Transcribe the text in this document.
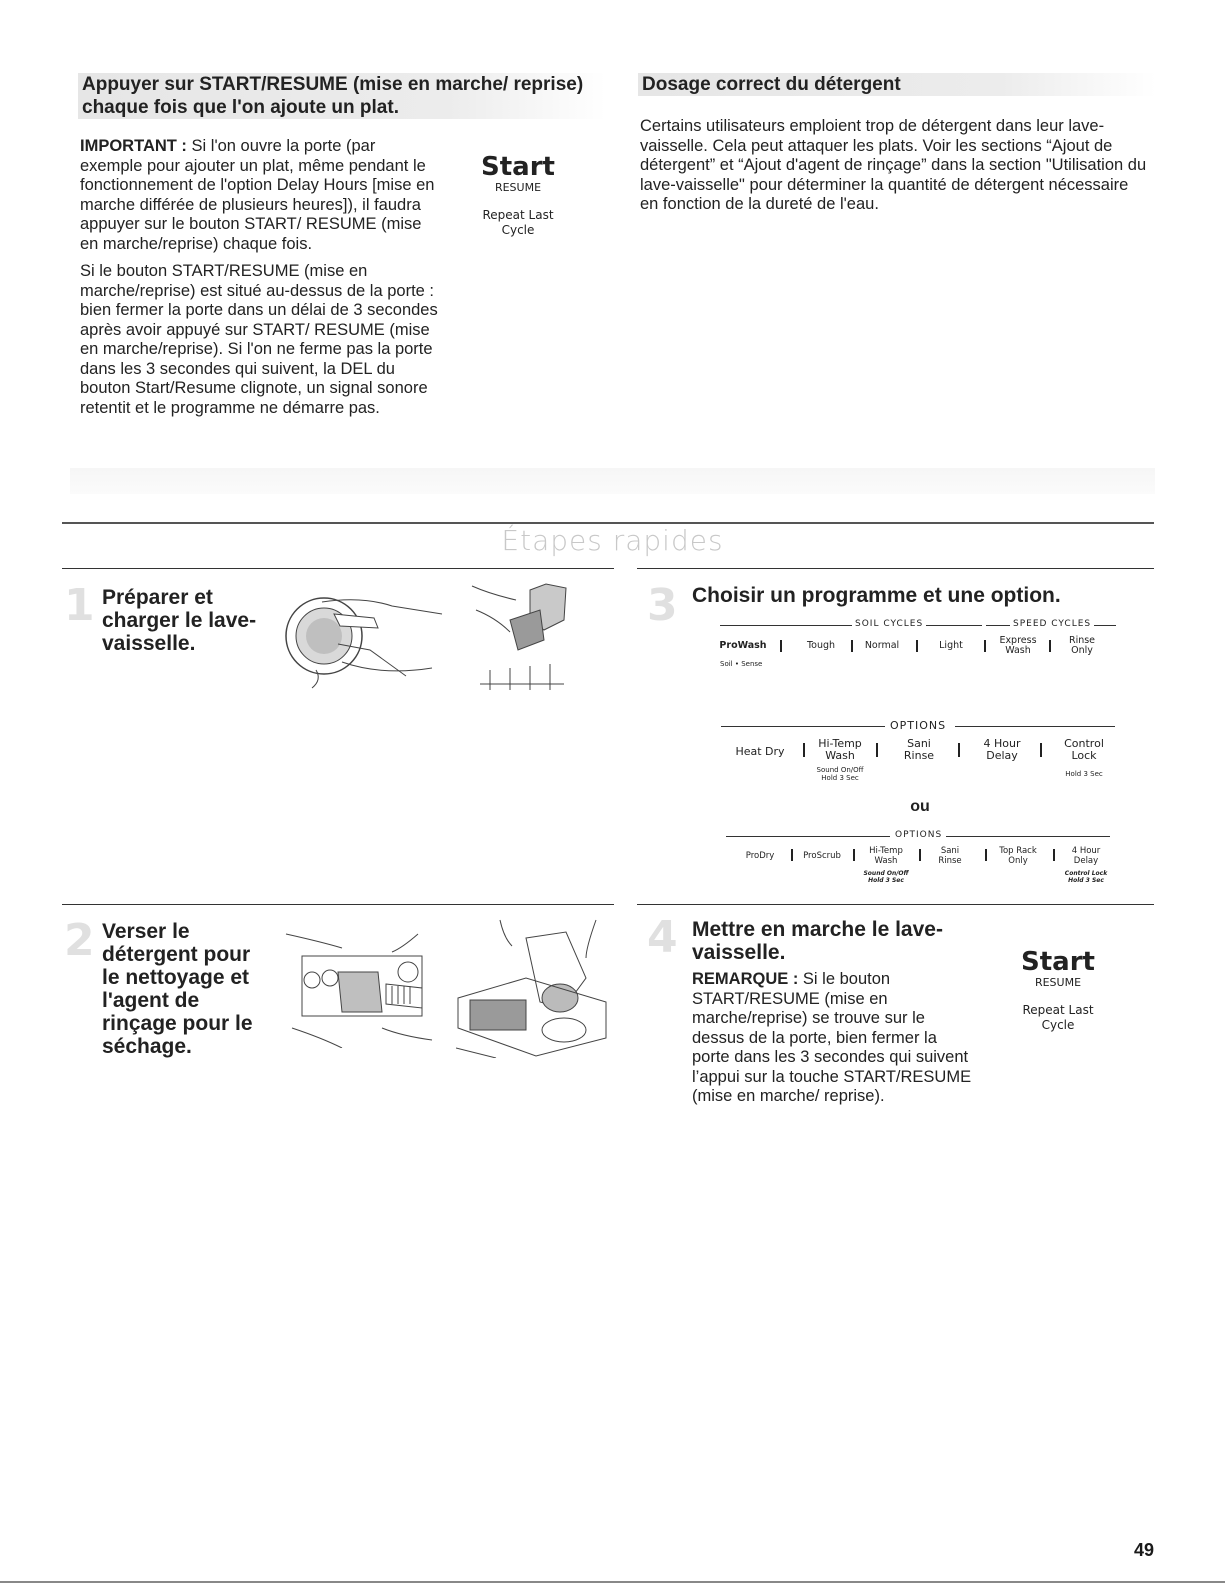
Appuyer sur START/RESUME (mise en marche/ reprise) chaque fois que l'on ajoute un plat.

IMPORTANT : Si l'on ouvre la porte (par exemple pour ajouter un plat, même pendant le fonctionnement de l'option Delay Hours [mise en marche différée de plusieurs heures]), il faudra appuyer sur le bouton START/ RESUME (mise en marche/reprise) chaque fois.

Si le bouton START/RESUME (mise en marche/reprise) est situé au-dessus de la porte : bien fermer la porte dans un délai de 3 secondes après avoir appuyé sur START/ RESUME (mise en marche/reprise). Si l'on ne ferme pas la porte dans les 3 secondes qui suivent, la DEL du bouton Start/Resume clignote, un signal sonore retentit et le programme ne démarre pas.

Start
RESUME
Repeat Last
Cycle
Dosage correct du détergent

Certains utilisateurs emploient trop de détergent dans leur lave-vaisselle. Cela peut attaquer les plats. Voir les sections “Ajout de détergent” et “Ajout d'agent de rinçage” dans la section "Utilisation du lave-vaisselle" pour déterminer la quantité de détergent nécessaire en fonction de la dureté de l'eau.

Étapes rapides
1 Préparer et charger le lave-vaisselle.
3 Choisir un programme et une option.
SOIL CYCLES	SPEED CYCLES
ProWash	Tough	Normal	Light	Express Wash
Rinse Only
Soil • Sense
OPTIONS
Heat Dry
Hi-Temp Wash
Sani Rinse
4 Hour Delay
Control Lock
Sound On/Off
Hold 3 Sec	Hold 3 Sec
ou
OPTIONS
ProDry	ProScrub	Hi-Temp Wash
Sani Rinse
Top Rack Only
4 Hour Delay
Sound On/Off
Hold 3 Sec
Control Lock
Hold 3 Sec
2 Verser le détergent pour le nettoyage et l'agent de rinçage pour le séchage.
4 Mettre en marche le lave-vaisselle.

REMARQUE : Si le bouton START/RESUME (mise en marche/reprise) se trouve sur le dessus de la porte, bien fermer la porte dans les 3 secondes qui suivent l’appui sur la touche START/RESUME (mise en marche/ reprise).

Start
RESUME
Repeat Last
Cycle
49
